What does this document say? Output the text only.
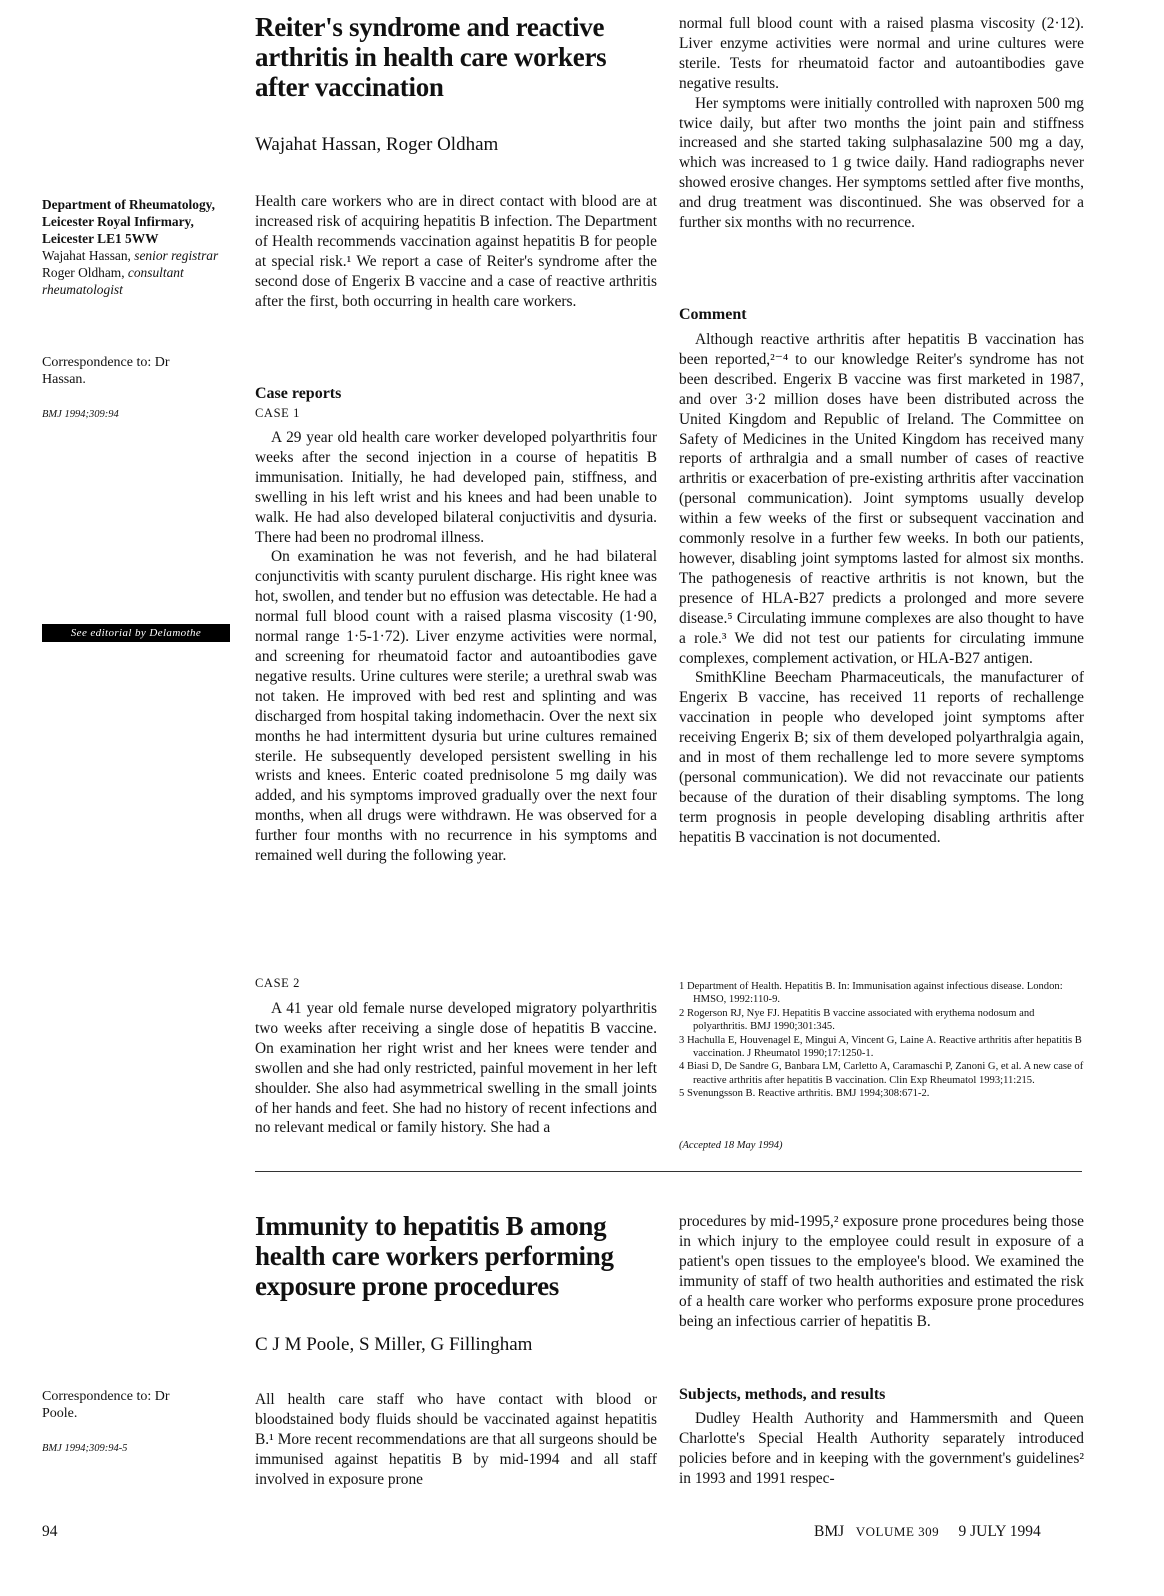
Reiter's syndrome and reactive arthritis in health care workers after vaccination
Wajahat Hassan, Roger Oldham
Department of Rheumatology, Leicester Royal Infirmary, Leicester LE1 5WW
Wajahat Hassan, senior registrar
Roger Oldham, consultant rheumatologist
Correspondence to: Dr Hassan.
BMJ 1994;309:94
See editorial by Delamothe

Health care workers who are in direct contact with blood are at increased risk of acquiring hepatitis B infection. The Department of Health recommends vaccination against hepatitis B for people at special risk.¹ We report a case of Reiter's syndrome after the second dose of Engerix B vaccine and a case of reactive arthritis after the first, both occurring in health care workers.

Case reports
CASE 1

A 29 year old health care worker developed polyarthritis four weeks after the second injection in a course of hepatitis B immunisation. Initially, he had developed pain, stiffness, and swelling in his left wrist and his knees and had been unable to walk. He had also developed bilateral conjuctivitis and dysuria. There had been no prodromal illness.

On examination he was not feverish, and he had bilateral conjunctivitis with scanty purulent discharge. His right knee was hot, swollen, and tender but no effusion was detectable. He had a normal full blood count with a raised plasma viscosity (1·90, normal range 1·5-1·72). Liver enzyme activities were normal, and screening for rheumatoid factor and autoantibodies gave negative results. Urine cultures were sterile; a urethral swab was not taken. He improved with bed rest and splinting and was discharged from hospital taking indomethacin. Over the next six months he had intermittent dysuria but urine cultures remained sterile. He subsequently developed persistent swelling in his wrists and knees. Enteric coated prednisolone 5 mg daily was added, and his symptoms improved gradually over the next four months, when all drugs were withdrawn. He was observed for a further four months with no recurrence in his symptoms and remained well during the following year.

CASE 2

A 41 year old female nurse developed migratory polyarthritis two weeks after receiving a single dose of hepatitis B vaccine. On examination her right wrist and her knees were tender and swollen and she had only restricted, painful movement in her left shoulder. She also had asymmetrical swelling in the small joints of her hands and feet. She had no history of recent infections and no relevant medical or family history. She had a

normal full blood count with a raised plasma viscosity (2·12). Liver enzyme activities were normal and urine cultures were sterile. Tests for rheumatoid factor and autoantibodies gave negative results.

Her symptoms were initially controlled with naproxen 500 mg twice daily, but after two months the joint pain and stiffness increased and she started taking sulphasalazine 500 mg a day, which was increased to 1 g twice daily. Hand radiographs never showed erosive changes. Her symptoms settled after five months, and drug treatment was discontinued. She was observed for a further six months with no recurrence.

Comment

Although reactive arthritis after hepatitis B vaccination has been reported,²⁻⁴ to our knowledge Reiter's syndrome has not been described. Engerix B vaccine was first marketed in 1987, and over 3·2 million doses have been distributed across the United Kingdom and Republic of Ireland. The Committee on Safety of Medicines in the United Kingdom has received many reports of arthralgia and a small number of cases of reactive arthritis or exacerbation of pre-existing arthritis after vaccination (personal communication). Joint symptoms usually develop within a few weeks of the first or subsequent vaccination and commonly resolve in a further few weeks. In both our patients, however, disabling joint symptoms lasted for almost six months. The pathogenesis of reactive arthritis is not known, but the presence of HLA-B27 predicts a prolonged and more severe disease.⁵ Circulating immune complexes are also thought to have a role.³ We did not test our patients for circulating immune complexes, complement activation, or HLA-B27 antigen.

SmithKline Beecham Pharmaceuticals, the manufacturer of Engerix B vaccine, has received 11 reports of rechallenge vaccination in people who developed joint symptoms after receiving Engerix B; six of them developed polyarthralgia again, and in most of them rechallenge led to more severe symptoms (personal communication). We did not revaccinate our patients because of the duration of their disabling symptoms. The long term prognosis in people developing disabling arthritis after hepatitis B vaccination is not documented.

1 Department of Health. Hepatitis B. In: Immunisation against infectious disease. London: HMSO, 1992:110-9.
2 Rogerson RJ, Nye FJ. Hepatitis B vaccine associated with erythema nodosum and polyarthritis. BMJ 1990;301:345.
3 Hachulla E, Houvenagel E, Mingui A, Vincent G, Laine A. Reactive arthritis after hepatitis B vaccination. J Rheumatol 1990;17:1250-1.
4 Biasi D, De Sandre G, Banbara LM, Carletto A, Caramaschi P, Zanoni G, et al. A new case of reactive arthritis after hepatitis B vaccination. Clin Exp Rheumatol 1993;11:215.
5 Svenungsson B. Reactive arthritis. BMJ 1994;308:671-2.
(Accepted 18 May 1994)
Immunity to hepatitis B among health care workers performing exposure prone procedures
C J M Poole, S Miller, G Fillingham
Correspondence to: Dr Poole.
BMJ 1994;309:94-5

All health care staff who have contact with blood or bloodstained body fluids should be vaccinated against hepatitis B.¹ More recent recommendations are that all surgeons should be immunised against hepatitis B by mid-1994 and all staff involved in exposure prone

procedures by mid-1995,² exposure prone procedures being those in which injury to the employee could result in exposure of a patient's open tissues to the employee's blood. We examined the immunity of staff of two health authorities and estimated the risk of a health care worker who performs exposure prone procedures being an infectious carrier of hepatitis B.

Subjects, methods, and results

Dudley Health Authority and Hammersmith and Queen Charlotte's Special Health Authority separately introduced policies before and in keeping with the government's guidelines² in 1993 and 1991 respec-

94	BMJ VOLUME 309 9 JULY 1994
